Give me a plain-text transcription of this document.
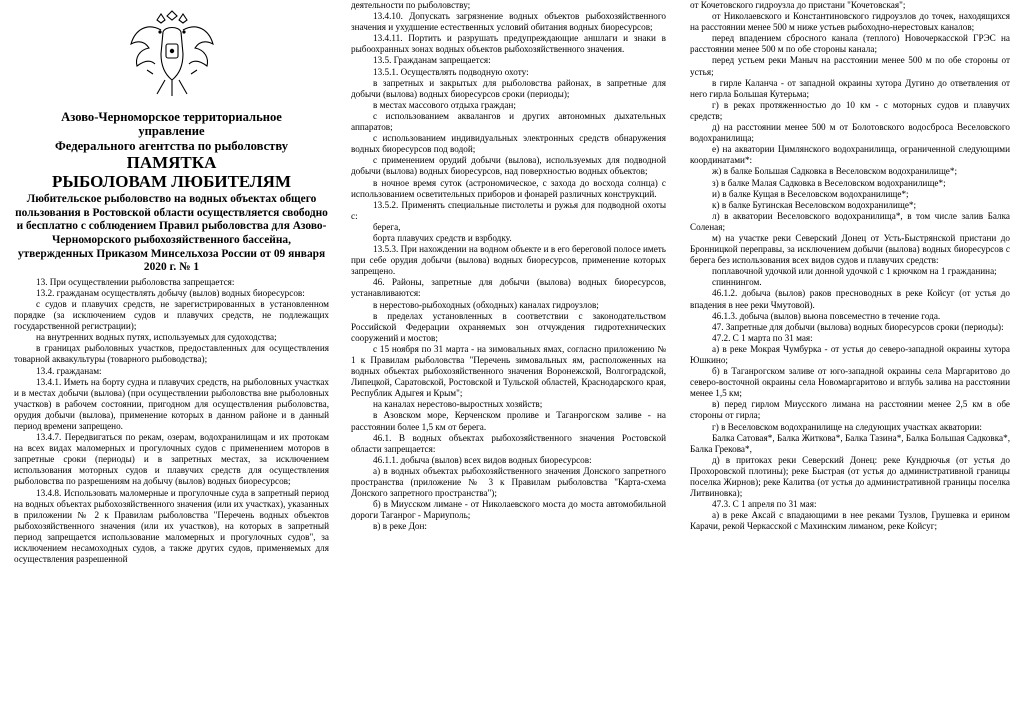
Азово-Черноморское территориальное
управление
Федерального агентства по рыболовству
ПАМЯТКА
РЫБОЛОВАМ ЛЮБИТЕЛЯМ
Любительское рыболовство на водных объектах общего пользования в Ростовской области осуществляется свободно и бесплатно с соблюдением Правил рыболовства для Азово-Черноморского рыбохозяйственного бассейна, утвержденных Приказом Минсельхоза России от 09 января 2020 г. № 1

13. При осуществлении рыболовства запрещается:

13.2. гражданам осуществлять добычу (вылов) водных биоресурсов:

с судов и плавучих средств, не зарегистрированных в установленном порядке (за исключением судов и плавучих средств, не подлежащих государственной регистрации);

на внутренних водных путях, используемых для судоходства;

в границах рыболовных участков, предоставленных для осуществления товарной аквакультуры (товарного рыбоводства);

13.4. гражданам:

13.4.1. Иметь на борту судна и плавучих средств, на рыболовных участках и в местах добычи (вылова) (при осуществлении рыболовства вне рыболовных участков) в рабочем состоянии, пригодном для осуществления рыболовства, орудия добычи (вылова), применение которых в данном районе и в данный период времени запрещено.

13.4.7. Передвигаться по рекам, озерам, водохранилищам и их протокам на всех видах маломерных и прогулочных судов с применением моторов в запретные сроки (периоды) и в запретных местах, за исключением использования моторных судов и плавучих средств для осуществления рыболовства по разрешениям на добычу (вылов) водных биоресурсов;

13.4.8. Использовать маломерные и прогулочные суда в запретный период на водных объектах рыбохозяйственного значения (или их участках), указанных в приложении № 2 к Правилам рыболовства "Перечень водных объектов рыбохозяйственного значения (или их участков), на которых в запретный период запрещается использование маломерных и прогулочных судов", за исключением несамоходных судов, а также других судов, применяемых для осуществления разрешенной

деятельности по рыболовству;

13.4.10. Допускать загрязнение водных объектов рыбохозяйственного значения и ухудшение естественных условий обитания водных биоресурсов;

13.4.11. Портить и разрушать предупреждающие аншлаги и знаки в рыбоохранных зонах водных объектов рыбохозяйственного значения.

13.5. Гражданам запрещается:

13.5.1. Осуществлять подводную охоту:

в запретных и закрытых для рыболовства районах, в запретные для добычи (вылова) водных биоресурсов сроки (периоды);

в местах массового отдыха граждан;

с использованием аквалангов и других автономных дыхательных аппаратов;

с использованием индивидуальных электронных средств обнаружения водных биоресурсов под водой;

с применением орудий добычи (вылова), используемых для подводной добычи (вылова) водных биоресурсов, над поверхностью водных объектов;

в ночное время суток (астрономическое, с захода до восхода солнца) с использованием осветительных приборов и фонарей различных конструкций.

13.5.2. Применять специальные пистолеты и ружья для подводной охоты с:

берега,

борта плавучих средств и взрбодку.

13.5.3. При нахождении на водном объекте и в его береговой полосе иметь при себе орудия добычи (вылова) водных биоресурсов, применение которых запрещено.

46. Районы, запретные для добычи (вылова) водных биоресурсов, устанавливаются:

в нерестово-рыбоходных (обходных) каналах гидроузлов;

в пределах установленных в соответствии с законодательством Российской Федерации охраняемых зон отчуждения гидротехнических сооружений и мостов;

с 15 ноября по 31 марта - на зимовальных ямах, согласно приложению № 1 к Правилам рыболовства "Перечень зимовальных ям, расположенных на водных объектах рыбохозяйственного значения Воронежской, Волгоградской, Липецкой, Саратовской, Ростовской и Тульской областей, Краснодарского края, Республик Адыгея и Крым";

на каналах нерестово-выростных хозяйств;

в Азовском море, Керченском проливе и Таганрогском заливе - на расстоянии более 1,5 км от берега.

46.1. В водных объектах рыбохозяйственного значения Ростовской области запрещается:

46.1.1. добыча (вылов) всех видов водных биоресурсов:

а) в водных объектах рыбохозяйственного значения Донского запретного пространства (приложение № 3 к Правилам рыболовства "Карта-схема Донского запретного пространства");

б) в Миусском лимане - от Николаевского моста до моста автомобильной дороги Таганрог - Мариуполь;

в) в реке Дон:

от Кочетовского гидроузла до пристани "Кочетовская";

от Николаевского и Константиновского гидроузлов до точек, находящихся на расстоянии менее 500 м ниже устьев рыбоходно-нерестовых каналов;

перед впадением сбросного канала (теплого) Новочеркасской ГРЭС на расстоянии менее 500 м по обе стороны канала;

перед устьем реки Маныч на расстоянии менее 500 м по обе стороны от устья;

в гирле Каланча - от западной окраины хутора Дугино до ответвления от него гирла Большая Кутерьма;

г) в реках протяженностью до 10 км - с моторных судов и плавучих средств;

д) на расстоянии менее 500 м от Болотовского водосброса Веселовского водохранилища;

е) на акватории Цимлянского водохранилища, ограниченной следующими координатами*:

ж) в балке Большая Садковка в Веселовском водохранилище*;

з) в балке Малая Садковка в Веселовском водохранилище*;

и) в балке Кущая в Веселовском водохранилище*;

к) в балке Бугинская Веселовском водохранилище*;

л) в акватории Веселовского водохранилища*, в том числе залив Балка Соленая;

м) на участке реки Северский Донец от Усть-Быстрянской пристани до Бронницкой переправы, за исключением добычи (вылова) водных биоресурсов с берега без использования всех видов судов и плавучих средств:

поплавочной удочкой или донной удочкой с 1 крючком на 1 гражданина;

спиннингом.

46.1.2. добыча (вылов) раков пресноводных в реке Койсуг (от устья до впадения в нее реки Чмутовой).

46.1.3. добыча (вылов) вьюна повсеместно в течение года.

47. Запретные для добычи (вылова) водных биоресурсов сроки (периоды):

47.2. С 1 марта по 31 мая:

а) в реке Мокрая Чумбурка - от устья до северо-западной окраины хутора Юшкино;

б) в Таганрогском заливе от юго-западной окраины села Маргаритово до северо-восточной окраины села Новомаргаритово и вглубь залива на расстоянии менее 1,5 км;

в) перед гирлом Миусского лимана на расстоянии менее 2,5 км в обе стороны от гирла;

г) в Веселовском водохранилище на следующих участках акватории:

Балка Сатовая*, Балка Житкова*, Балка Тазина*, Балка Большая Садковка*, Балка Грекова*,

д) в притоках реки Северский Донец: реке Кундрючья (от устья до Прохоровской плотины); реке Быстрая (от устья до административной границы поселка Жирнов); реке Калитва (от устья до административной границы поселка Литвиновка);

47.3. С 1 апреля по 31 мая:

а) в реке Аксай с впадающими в нее реками Тузлов, Грушевка и ерином Карачи, рекой Черкасской с Махинским лиманом, реке Койсуг;
